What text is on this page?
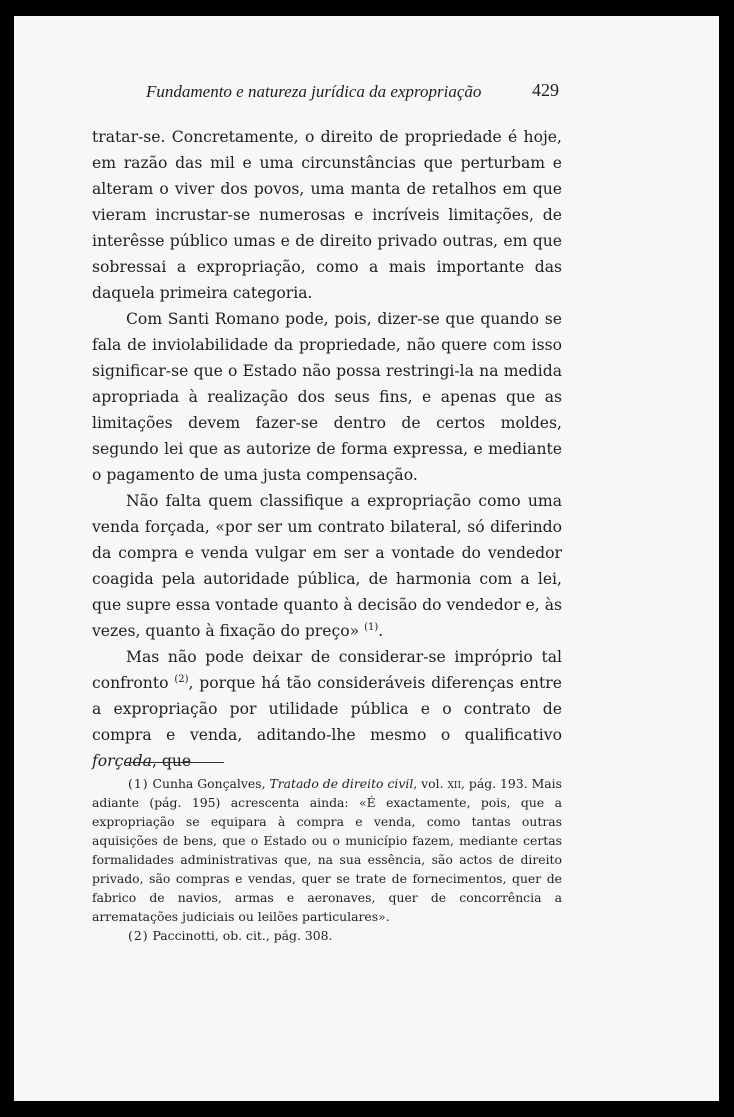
Fundamento e natureza jurídica da expropriação	429

tratar-se. Concretamente, o direito de propriedade é hoje, em razão das mil e uma circunstâncias que perturbam e alteram o viver dos povos, uma manta de retalhos em que vieram incrustar-se numerosas e incríveis limitações, de interêsse público umas e de direito privado outras, em que sobressai a expropriação, como a mais importante das daquela primeira categoria.

Com Santi Romano pode, pois, dizer-se que quando se fala de inviolabilidade da propriedade, não quere com isso significar-se que o Estado não possa restringi-la na medida apropriada à realização dos seus fins, e apenas que as limitações devem fazer-se dentro de certos moldes, segundo lei que as autorize de forma expressa, e mediante o pagamento de uma justa compensação.

Não falta quem classifique a expropriação como uma venda forçada, «por ser um contrato bilateral, só diferindo da compra e venda vulgar em ser a vontade do vendedor coagida pela autoridade pública, de harmonia com a lei, que supre essa vontade quanto à decisão do vendedor e, às vezes, quanto à fixação do preço» $^{(1)}$.

Mas não pode deixar de considerar-se impróprio tal confronto $^{(2)}$, porque há tão consideráveis diferenças entre a expropriação por utilidade pública e o contrato de compra e venda, aditando-lhe mesmo o qualificativo forçada, que

(1) Cunha Gonçalves, Tratado de direito civil, vol. xii, pág. 193. Mais adiante (pág. 195) acrescenta ainda: «É exactamente, pois, que a expropriação se equipara à compra e venda, como tantas outras aquisições de bens, que o Estado ou o município fazem, mediante certas formalidades administrativas que, na sua essência, são actos de direito privado, são compras e vendas, quer se trate de fornecimentos, quer de fabrico de navios, armas e aeronaves, quer de concorrência a arrematações judiciais ou leilões particulares».

(2) Paccinotti, ob. cit., pág. 308.
